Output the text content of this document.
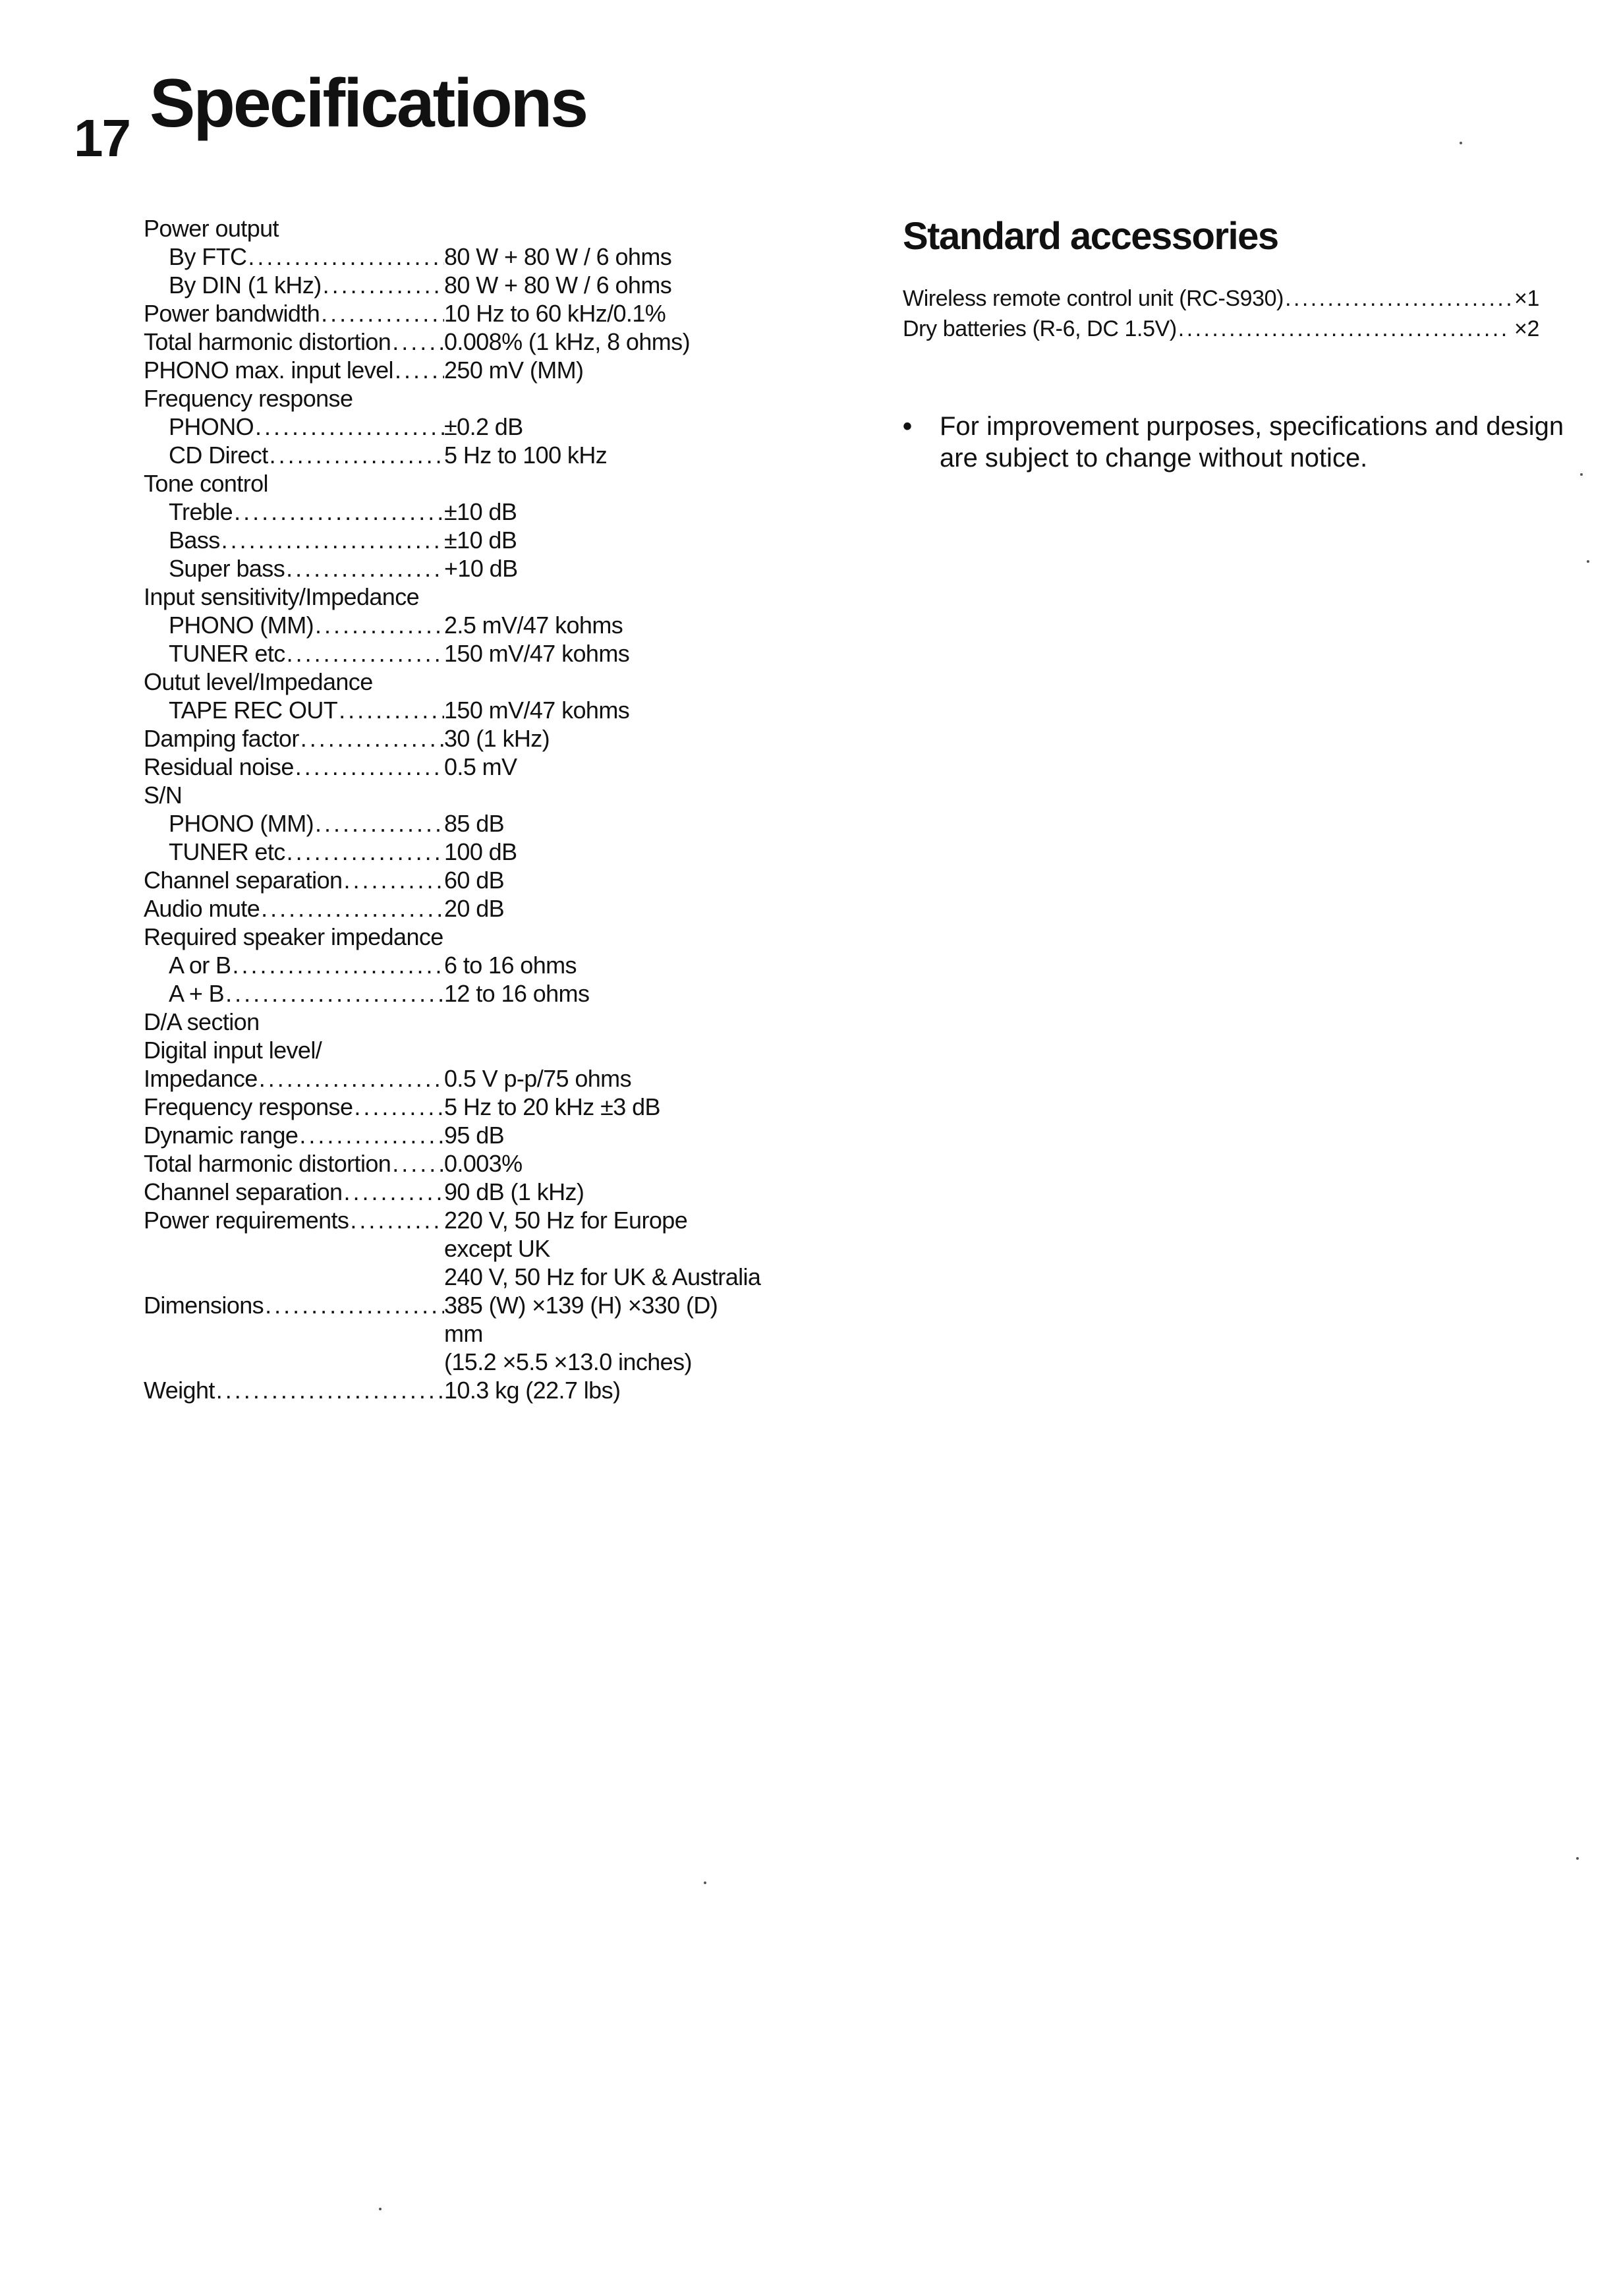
17 Specifications
Power output
By FTC . . .	80 W + 80 W / 6 ohms
By DIN (1 kHz) . . .	80 W + 80 W / 6 ohms
Power bandwidth . . .	10 Hz to 60 kHz/0.1%
Total harmonic distortion . . . 0.008% (1 kHz, 8 ohms)
PHONO max. input level . . . 250 mV (MM)
Frequency response
PHONO . . .	±0.2 dB
CD Direct . . .	5 Hz to 100 kHz
Tone control
Treble . . .	±10 dB
Bass . . .	±10 dB
Super bass . . .	+10 dB
Input sensitivity/Impedance
PHONO (MM) . . .	2.5 mV/47 kohms
TUNER etc . . .	150 mV/47 kohms
Outut level/Impedance
TAPE REC OUT . . .	150 mV/47 kohms
Damping factor . . .	30 (1 kHz)
Residual noise . . .	0.5 mV
S/N
PHONO (MM) . . .	85 dB
TUNER etc . . .	100 dB
Channel separation . . .	60 dB
Audio mute . . .	20 dB
Required speaker impedance
A or B . . .	6 to 16 ohms
A + B . . .	12 to 16 ohms
D/A section
Digital input level/
Impedance . . .	0.5 V p-p/75 ohms
Frequency response . . .	5 Hz to 20 kHz ±3 dB
Dynamic range . . .	95 dB
Total harmonic distortion . . . 0.003%
Channel separation . . .	90 dB (1 kHz)
Power requirements . . .	220 V, 50 Hz for Europe
except UK
240 V, 50 Hz for UK & Australia
Dimensions . . .	385 (W) ×139 (H) ×330 (D)
mm
(15.2 ×5.5 ×13.0 inches)
Weight . . .	10.3 kg (22.7 lbs)
Standard accessories
Wireless remote control unit (RC-S930) . . .	×1
Dry batteries (R-6, DC 1.5V) . . .	×2
•	For improvement purposes, specifications and design are subject to change without notice.
